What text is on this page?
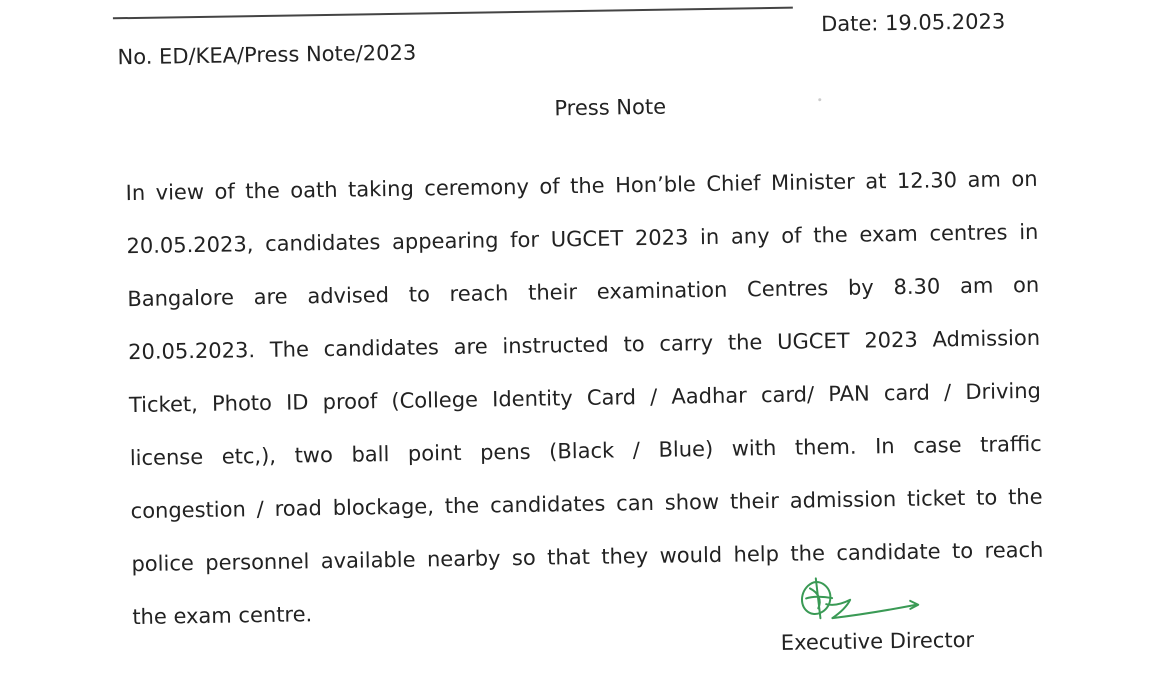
No. ED/KEA/Press Note/2023
Date: 19.05.2023
Press Note
In view of the oath taking ceremony of the Hon’ble Chief Minister at 12.30 am on
20.05.2023, candidates appearing for UGCET 2023 in any of the exam centres in
Bangalore are advised to reach their examination Centres by 8.30 am on
20.05.2023. The candidates are instructed to carry the UGCET 2023 Admission
Ticket, Photo ID proof (College Identity Card / Aadhar card/ PAN card / Driving
license etc,), two ball point pens (Black / Blue) with them. In case traffic
congestion / road blockage, the candidates can show their admission ticket to the
police personnel available nearby so that they would help the candidate to reach
the exam centre.
Executive Director
